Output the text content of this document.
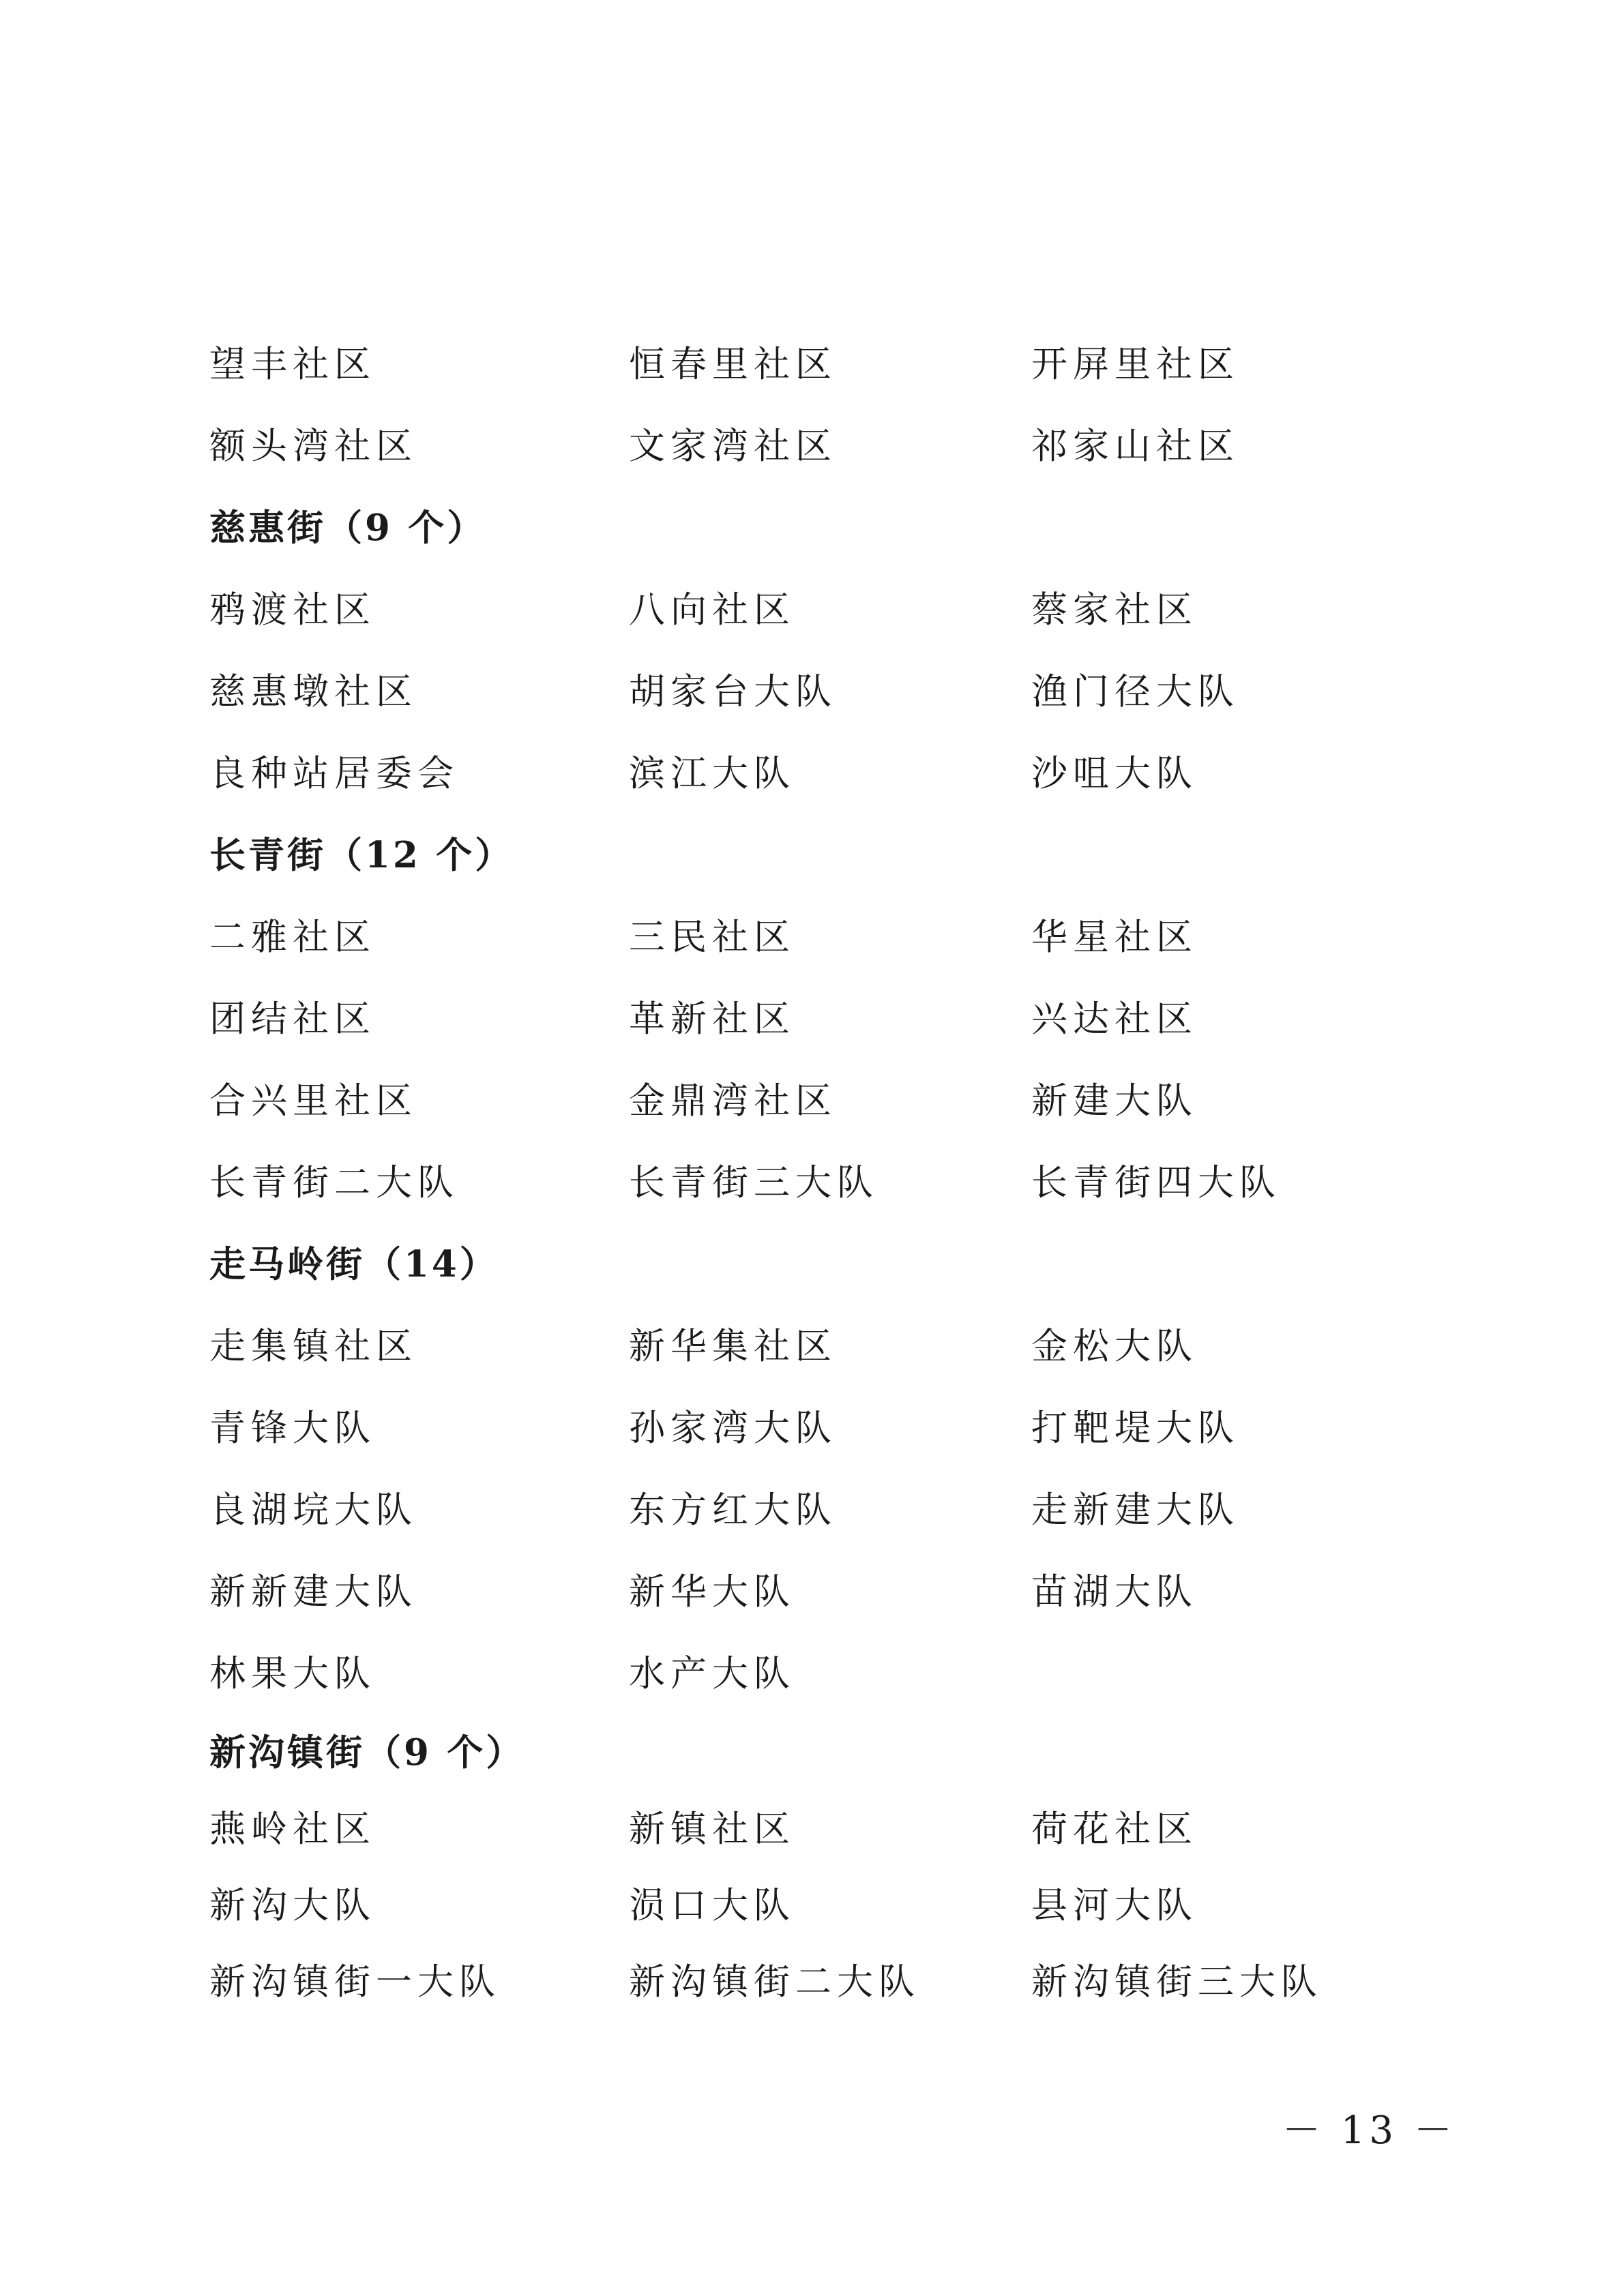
望丰社区	恒春里社区	开屏里社区
额头湾社区	文家湾社区	祁家山社区
慈惠街（9 个）
鸦渡社区	八向社区	蔡家社区
慈惠墩社区	胡家台大队	渔门径大队
良种站居委会	滨江大队	沙咀大队
长青街（12 个）
二雅社区	三民社区	华星社区
团结社区	革新社区	兴达社区
合兴里社区	金鼎湾社区	新建大队
长青街二大队	长青街三大队	长青街四大队
走马岭街（14）
走集镇社区	新华集社区	金松大队
青锋大队	孙家湾大队	打靶堤大队
良湖垸大队	东方红大队	走新建大队
新新建大队	新华大队	苗湖大队
林果大队	水产大队
新沟镇街（9 个）
燕岭社区	新镇社区	荷花社区
新沟大队	涢口大队	县河大队
新沟镇街一大队	新沟镇街二大队	新沟镇街三大队
－ 13 －
